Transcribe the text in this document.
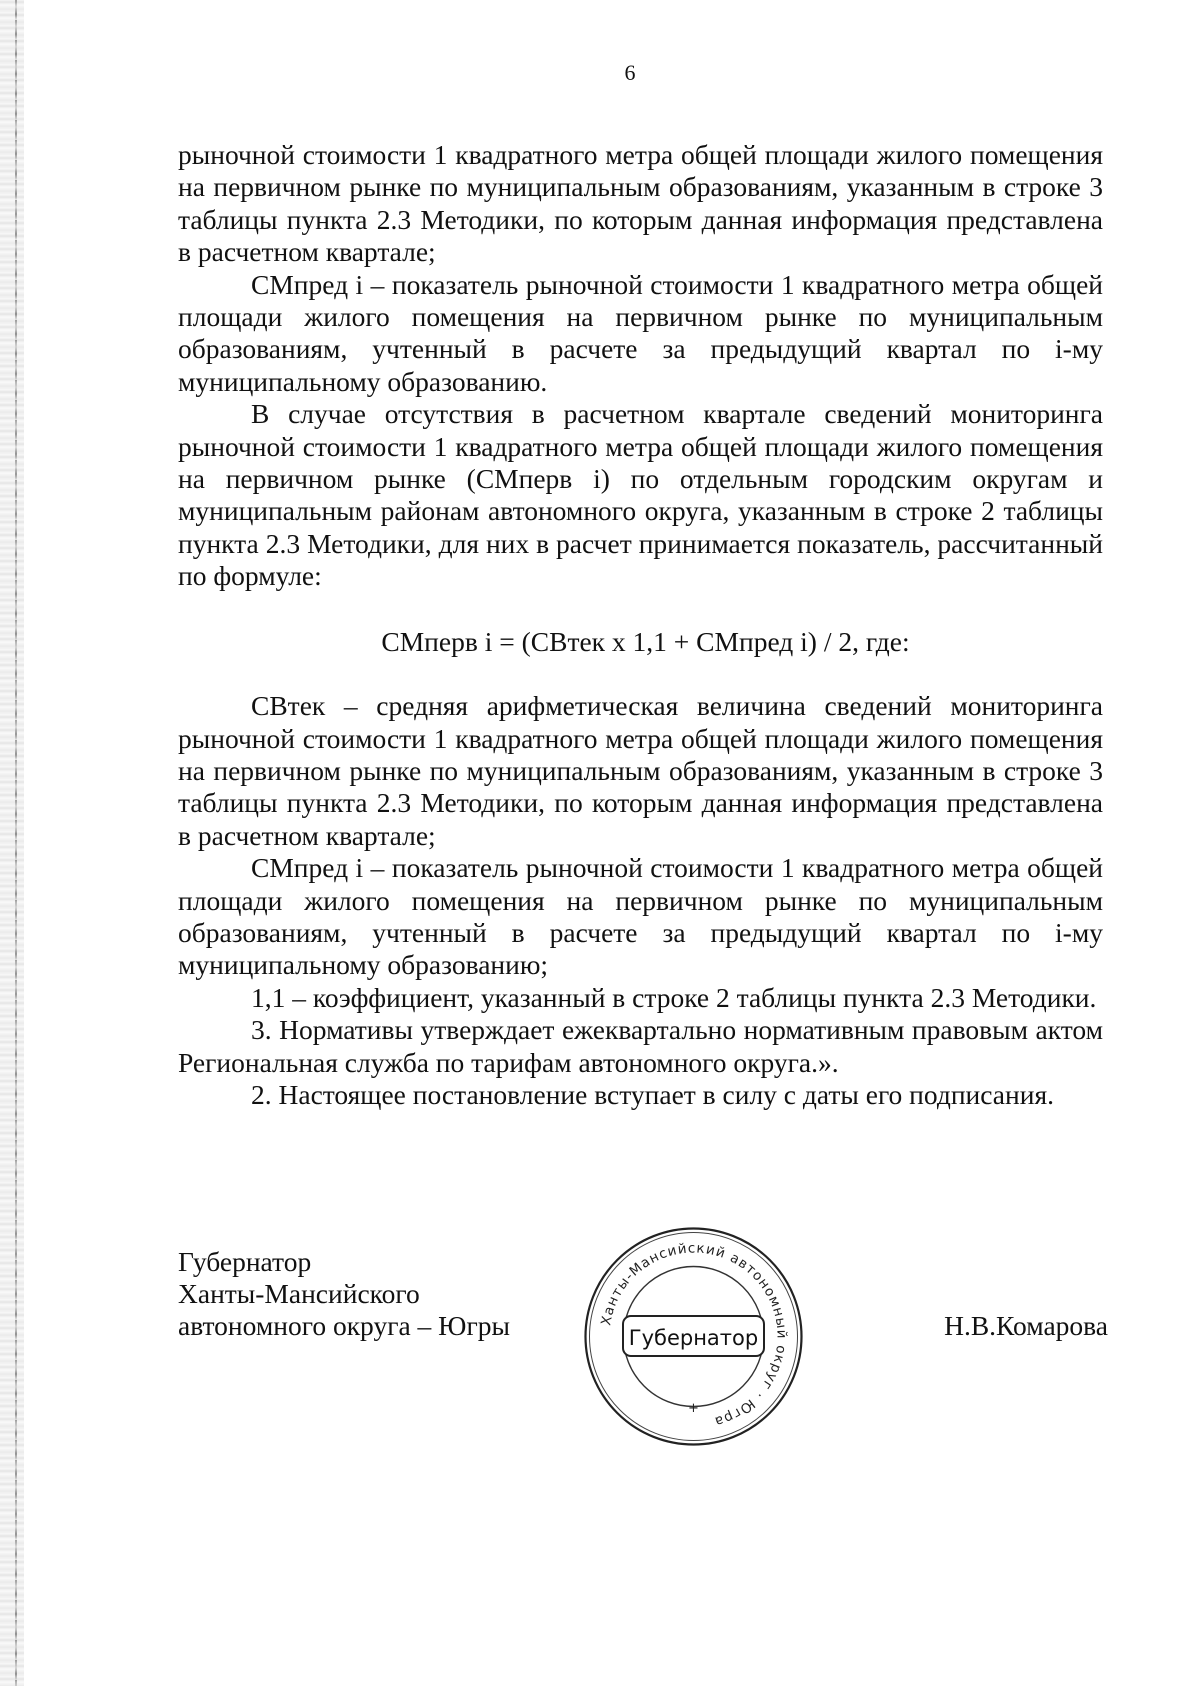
6

рыночной стоимости 1 квадратного метра общей площади жилого помещения на первичном рынке по муниципальным образованиям, указанным в строке 3 таблицы пункта 2.3 Методики, по которым данная информация представлена в расчетном квартале;

СМпред i – показатель рыночной стоимости 1 квадратного метра общей площади жилого помещения на первичном рынке по муниципальным образованиям, учтенный в расчете за предыдущий квартал по i-му муниципальному образованию.

В случае отсутствия в расчетном квартале сведений мониторинга рыночной стоимости 1 квадратного метра общей площади жилого помещения на первичном рынке (СМперв i) по отдельным городским округам и муниципальным районам автономного округа, указанным в строке 2 таблицы пункта 2.3 Методики, для них в расчет принимается показатель, рассчитанный по формуле:

СМперв i = (СВтек x 1,1 + СМпред i) / 2, где:

СВтек – средняя арифметическая величина сведений мониторинга рыночной стоимости 1 квадратного метра общей площади жилого помещения на первичном рынке по муниципальным образованиям, указанным в строке 3 таблицы пункта 2.3 Методики, по которым данная информация представлена в расчетном квартале;

СМпред i – показатель рыночной стоимости 1 квадратного метра общей площади жилого помещения на первичном рынке по муниципальным образованиям, учтенный в расчете за предыдущий квартал по i-му муниципальному образованию;

1,1 – коэффициент, указанный в строке 2 таблицы пункта 2.3 Методики.

3. Нормативы утверждает ежеквартально нормативным правовым актом Региональная служба по тарифам автономного округа.».

2. Настоящее постановление вступает в силу с даты его подписания.

Губернатор
Ханты-Мансийского
автономного округа – Югры	Ханты-Мансийский автономный округ · Югра
Губернатор
+
Н.В.Комарова
